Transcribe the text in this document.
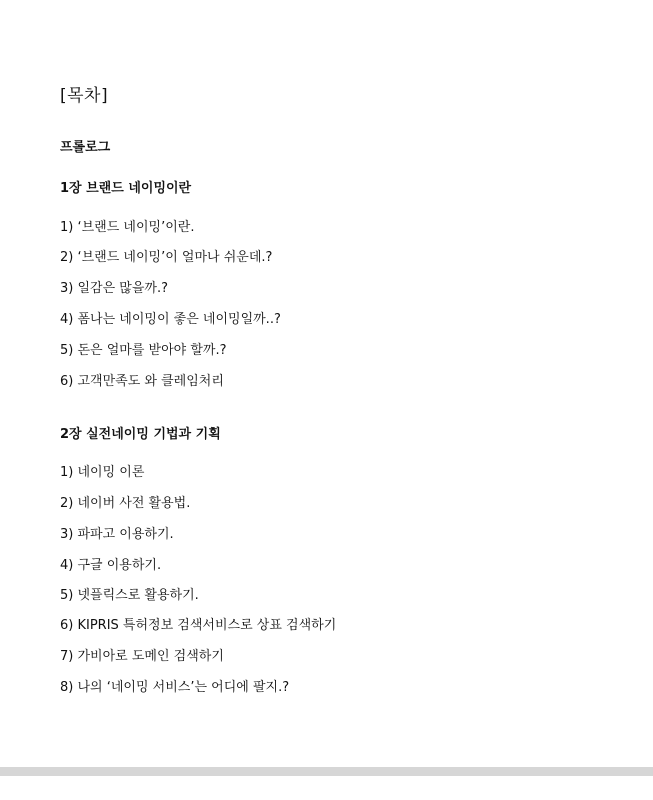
[목차]
프롤로그
1장 브랜드 네이밍이란
1) ‘브랜드 네이밍’이란.
2) ‘브랜드 네이밍’이 얼마나 쉬운데.?
3) 일감은 많을까.?
4) 폼나는 네이밍이 좋은 네이밍일까..?
5) 돈은 얼마를 받아야 할까.?
6) 고객만족도 와 클레임처리
2장 실전네이밍 기법과 기획
1) 네이밍 이론
2) 네이버 사전 활용법.
3) 파파고 이용하기.
4) 구글 이용하기.
5) 넷플릭스로 활용하기.
6) KIPRIS 특허정보 검색서비스로 상표 검색하기
7) 가비아로 도메인 검색하기
8) 나의 ‘네이밍 서비스’는 어디에 팔지.?
